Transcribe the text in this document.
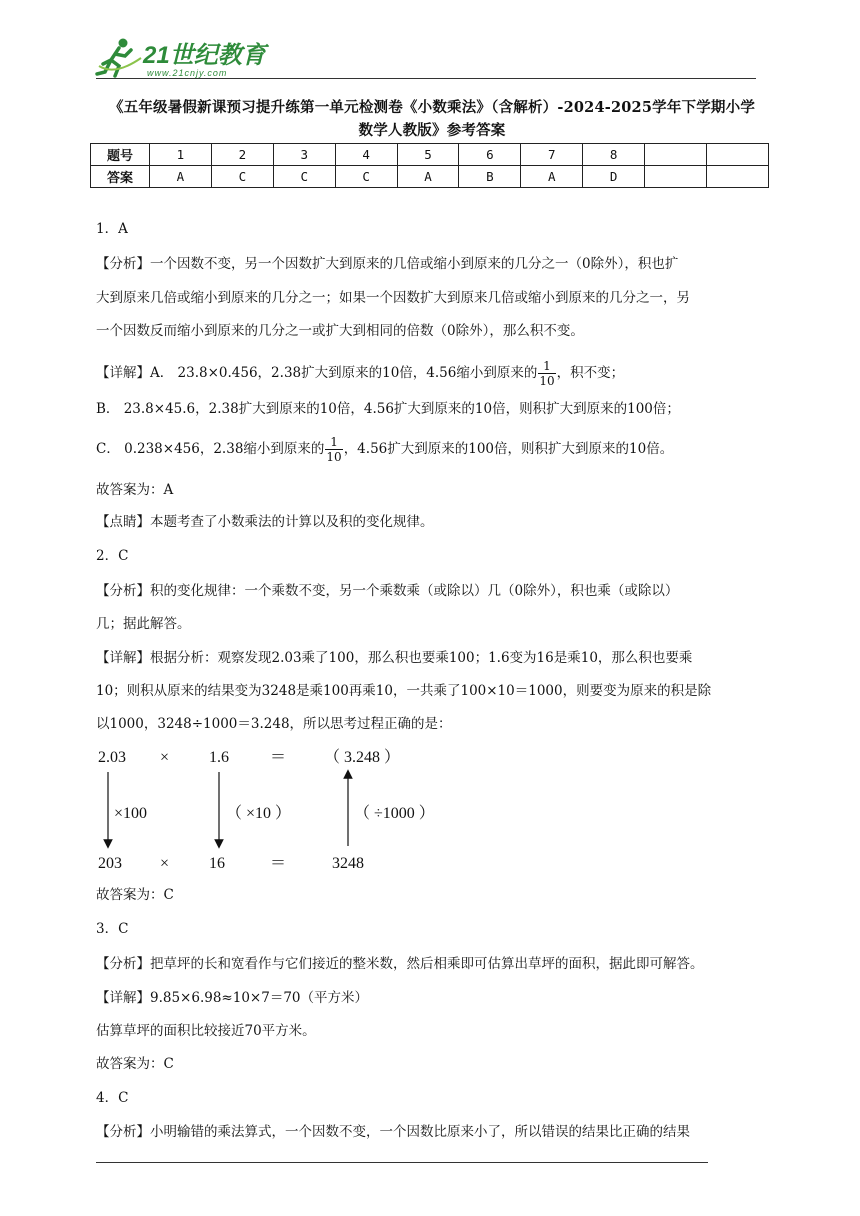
21世纪教育
www.21cnjy.com
《五年级暑假新课预习提升练第一单元检测卷《小数乘法》（含解析）-2024-2025学年下学期小学
数学人教版》参考答案
题号	1	2	3	4	5	6	7	8		
答案	A	C	C	C	A	B	A	D		
1．A
【分析】一个因数不变，另一个因数扩大到原来的几倍或缩小到原来的几分之一（0除外），积也扩
大到原来几倍或缩小到原来的几分之一；如果一个因数扩大到原来几倍或缩小到原来的几分之一，另
一个因数反而缩小到原来的几分之一或扩大到相同的倍数（0除外），那么积不变。
【详解】A． 23.8×0.456，2.38扩大到原来的10倍，4.56缩小到原来的 $\frac{1}{10}$ ，积不变；
B． 23.8×45.6，2.38扩大到原来的10倍，4.56扩大到原来的10倍，则积扩大到原来的100倍；
C． 0.238×456，2.38缩小到原来的 $\frac{1}{10}$ ，4.56扩大到原来的100倍，则积扩大到原来的10倍。
故答案为：A
【点睛】本题考查了小数乘法的计算以及积的变化规律。
2．C
【分析】积的变化规律：一个乘数不变，另一个乘数乘（或除以）几（0除外），积也乘（或除以）
几；据此解答。
【详解】根据分析：观察发现2.03乘了100，那么积也要乘100；1.6变为16是乘10，那么积也要乘
10；则积从原来的结果变为3248是乘100再乘10，一共乘了100×10＝1000，则要变为原来的积是除
以1000，3248÷1000＝3.248，所以思考过程正确的是：
2.03 × 1.6	＝ （ 3.248 ）
×100	（ ×10 ）	（ ÷1000 ）
203 × 16	＝	3248
故答案为：C
3．C
【分析】把草坪的长和宽看作与它们接近的整米数，然后相乘即可估算出草坪的面积，据此即可解答。
【详解】9.85×6.98≈10×7＝70（平方米）
估算草坪的面积比较接近70平方米。
故答案为：C
4．C
【分析】小明输错的乘法算式，一个因数不变，一个因数比原来小了，所以错误的结果比正确的结果
